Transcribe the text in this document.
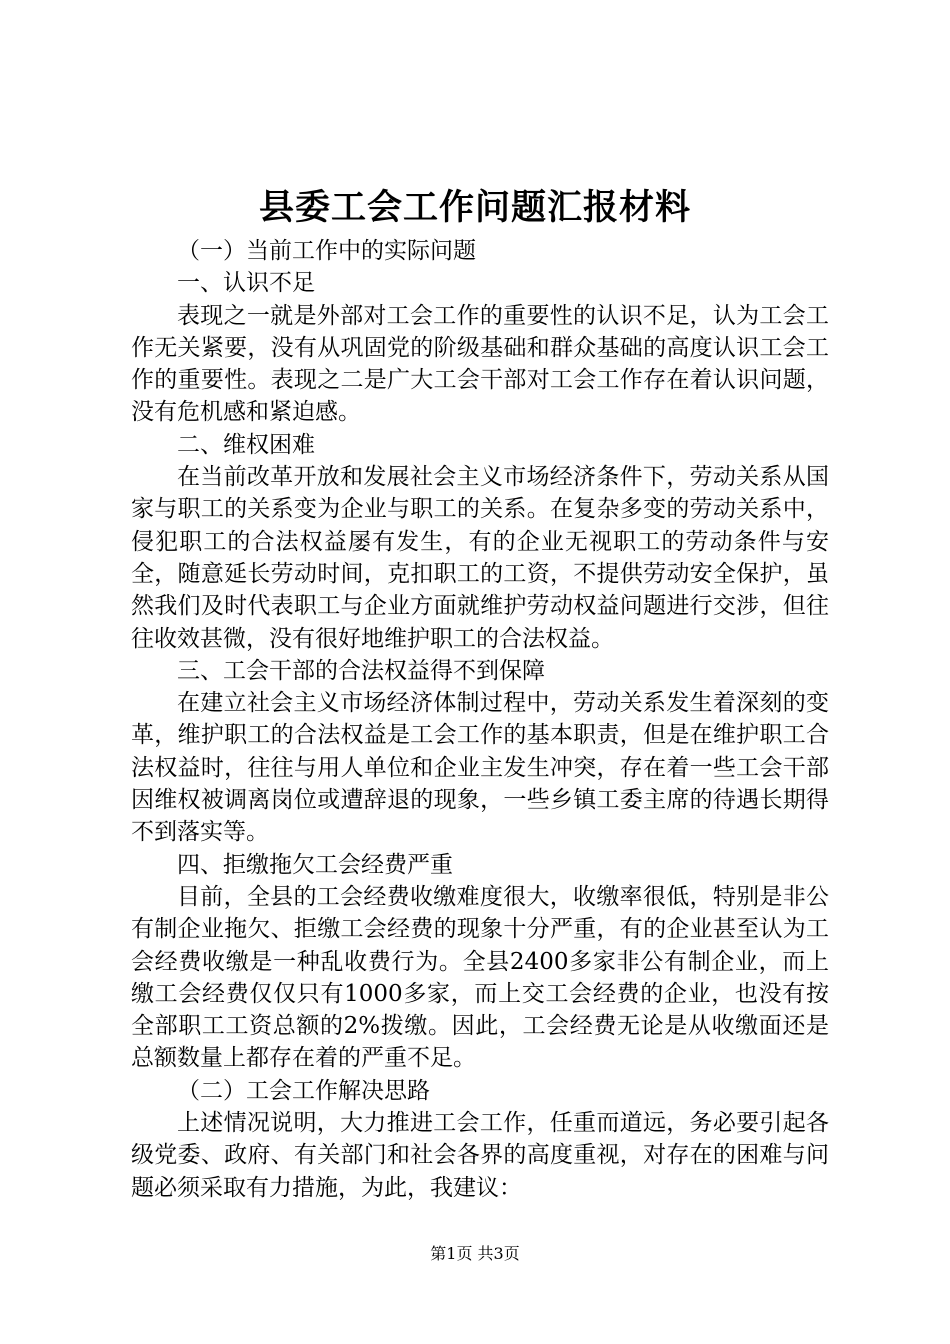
县委工会工作问题汇报材料

（一）当前工作中的实际问题

一、认识不足

表现之一就是外部对工会工作的重要性的认识不足，认为工会工作无关紧要，没有从巩固党的阶级基础和群众基础的高度认识工会工作的重要性。表现之二是广大工会干部对工会工作存在着认识问题，没有危机感和紧迫感。

二、维权困难

在当前改革开放和发展社会主义市场经济条件下，劳动关系从国家与职工的关系变为企业与职工的关系。在复杂多变的劳动关系中，侵犯职工的合法权益屡有发生，有的企业无视职工的劳动条件与安全，随意延长劳动时间，克扣职工的工资，不提供劳动安全保护，虽然我们及时代表职工与企业方面就维护劳动权益问题进行交涉，但往往收效甚微，没有很好地维护职工的合法权益。

三、工会干部的合法权益得不到保障

在建立社会主义市场经济体制过程中，劳动关系发生着深刻的变革，维护职工的合法权益是工会工作的基本职责，但是在维护职工合法权益时，往往与用人单位和企业主发生冲突，存在着一些工会干部因维权被调离岗位或遭辞退的现象，一些乡镇工委主席的待遇长期得不到落实等。

四、拒缴拖欠工会经费严重

目前，全县的工会经费收缴难度很大，收缴率很低，特别是非公有制企业拖欠、拒缴工会经费的现象十分严重，有的企业甚至认为工会经费收缴是一种乱收费行为。全县2400多家非公有制企业，而上缴工会经费仅仅只有1000多家，而上交工会经费的企业，也没有按全部职工工资总额的2%拨缴。因此，工会经费无论是从收缴面还是总额数量上都存在着的严重不足。

（二）工会工作解决思路

上述情况说明，大力推进工会工作，任重而道远，务必要引起各级党委、政府、有关部门和社会各界的高度重视，对存在的困难与问题必须采取有力措施，为此，我建议：

第1页 共3页
